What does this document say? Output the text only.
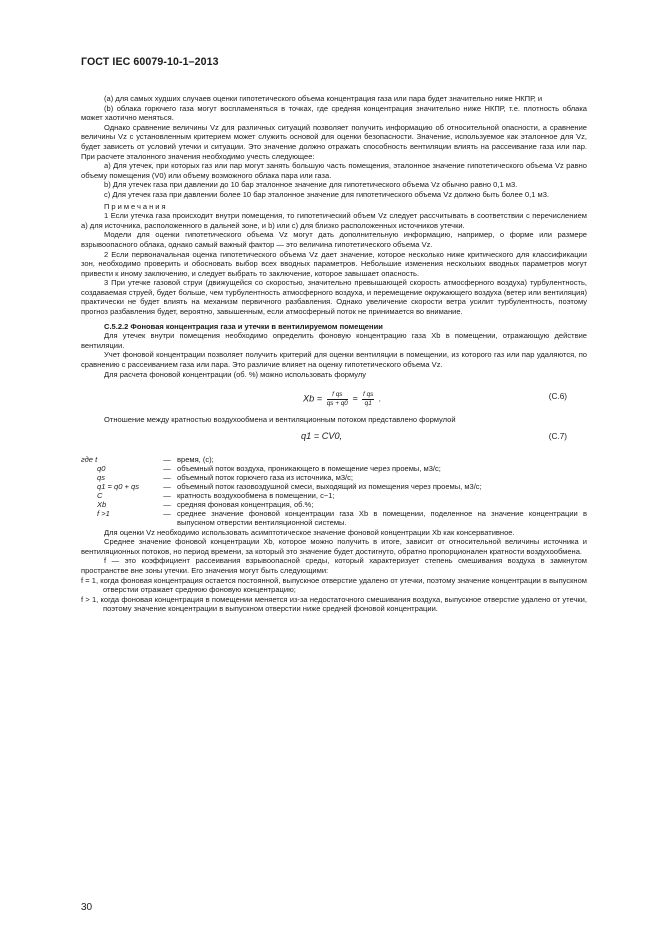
ГОСТ IEC 60079-10-1–2013

(а) для самых худших случаев оценки гипотетического объема концентрация газа или пара будет значительно ниже НКПР, и

(b) облака горючего газа могут воспламеняться в точках, где средняя концентрация значительно ниже НКПР, т.е. плотность облака может хаотично меняться.

Однако сравнение величины Vz для различных ситуаций позволяет получить информацию об относительной опасности, а сравнение величины Vz с установленным критерием может служить основой для оценки безопасности. Значение, используемое как эталонное для Vz, будет зависеть от условий утечки и ситуации. Это значение должно отражать способность вентиляции влиять на рассеивание газа или пар. При расчете эталонного значения необходимо учесть следующее:

а) Для утечек, при которых газ или пар могут занять большую часть помещения, эталонное значение гипотетического объема Vz равно объему помещения (V0) или объему возможного облака пара или газа.

b) Для утечек газа при давлении до 10 бар эталонное значение для гипотетического объема Vz обычно равно 0,1 м3.

с) Для утечек газа при давлении более 10 бар эталонное значение для гипотетического объема Vz должно быть более 0,1 м3.

Примечания

1 Если утечка газа происходит внутри помещения, то гипотетический объем Vz следует рассчитывать в соответствии с перечислением а) для источника, расположенного в дальней зоне, и b) или с) для близко расположенных источников утечки.

Модели для оценки гипотетического объема Vz могут дать дополнительную информацию, например, о форме или размере взрывоопасного облака, однако самый важный фактор — это величина гипотетического объема Vz.

2 Если первоначальная оценка гипотетического объема Vz дает значение, которое несколько ниже критического для классификации зон, необходимо проверить и обосновать выбор всех вводных параметров. Небольшие изменения нескольких вводных параметров могут привести к иному заключению, и следует выбрать то заключение, которое завышает опасность.

3 При утечке газовой струи (движущейся со скоростью, значительно превышающей скорость атмосферного воздуха) турбулентность, создаваемая струей, будет больше, чем турбулентность атмосферного воздуха, и перемещение окружающего воздуха (ветер или вентиляция) практически не будет влиять на механизм первичного разбавления. Однако увеличение скорости ветра усилит турбулентность, поэтому прогноз разбавления будет, вероятно, завышенным, если атмосферный поток не принимается во внимание.

С.5.2.2 Фоновая концентрация газа и утечки в вентилируемом помещении

Для утечек внутри помещения необходимо определить фоновую концентрацию газа Xb в помещении, отражающую действие вентиляции.

Учет фоновой концентрации позволяет получить критерий для оценки вентиляции в помещении, из которого газ или пар удаляются, по сравнению с рассеиванием газа или пара. Это различие влияет на оценку гипотетического объема Vz.

Для расчета фоновой концентрации (об. %) можно использовать формулу

$Xb = \frac{\text{f qs}}{qs + q0} \approx \frac{\text{f qs}}{q1}$ .	(С.6)

Отношение между кратностью воздухообмена и вентиляционным потоком представлено формулой

q1 = CV0,	(С.7)
где t	—	время, (с);
q0	—	объемный поток воздуха, проникающего в помещение через проемы, м3/с;
qs	—	объемный поток горючего газа из источника, м3/с;
q1 = q0 + qs	—	объемный поток газовоздушной смеси, выходящий из помещения через проемы, м3/с;
C	—	кратность воздухообмена в помещении, с−1;
Xb	—	средняя фоновая концентрация, об.%;
f >1	—	среднее значение фоновой концентрации газа Xb в помещении, поделенное на значение концентрации в выпускном отверстии вентиляционной системы.

Для оценки Vz необходимо использовать асимптотическое значение фоновой концентрации Xb как консервативное.

Среднее значение фоновой концентрации Xb, которое можно получить в итоге, зависит от относительной величины источника и вентиляционных потоков, но период времени, за который это значение будет достигнуто, обратно пропорционален кратности воздухообмена.

f — это коэффициент рассеивания взрывоопасной среды, который характеризует степень смешивания воздуха в замкнутом пространстве вне зоны утечки. Его значения могут быть следующими:

f = 1, когда фоновая концентрация остается постоянной, выпускное отверстие удалено от утечки, поэтому значение концентрации в выпускном отверстии отражает среднюю фоновую концентрацию;

f > 1, когда фоновая концентрация в помещении меняется из-за недостаточного смешивания воздуха, выпускное отверстие удалено от утечки, поэтому значение концентрации в выпускном отверстии ниже средней фоновой концентрации.

30
